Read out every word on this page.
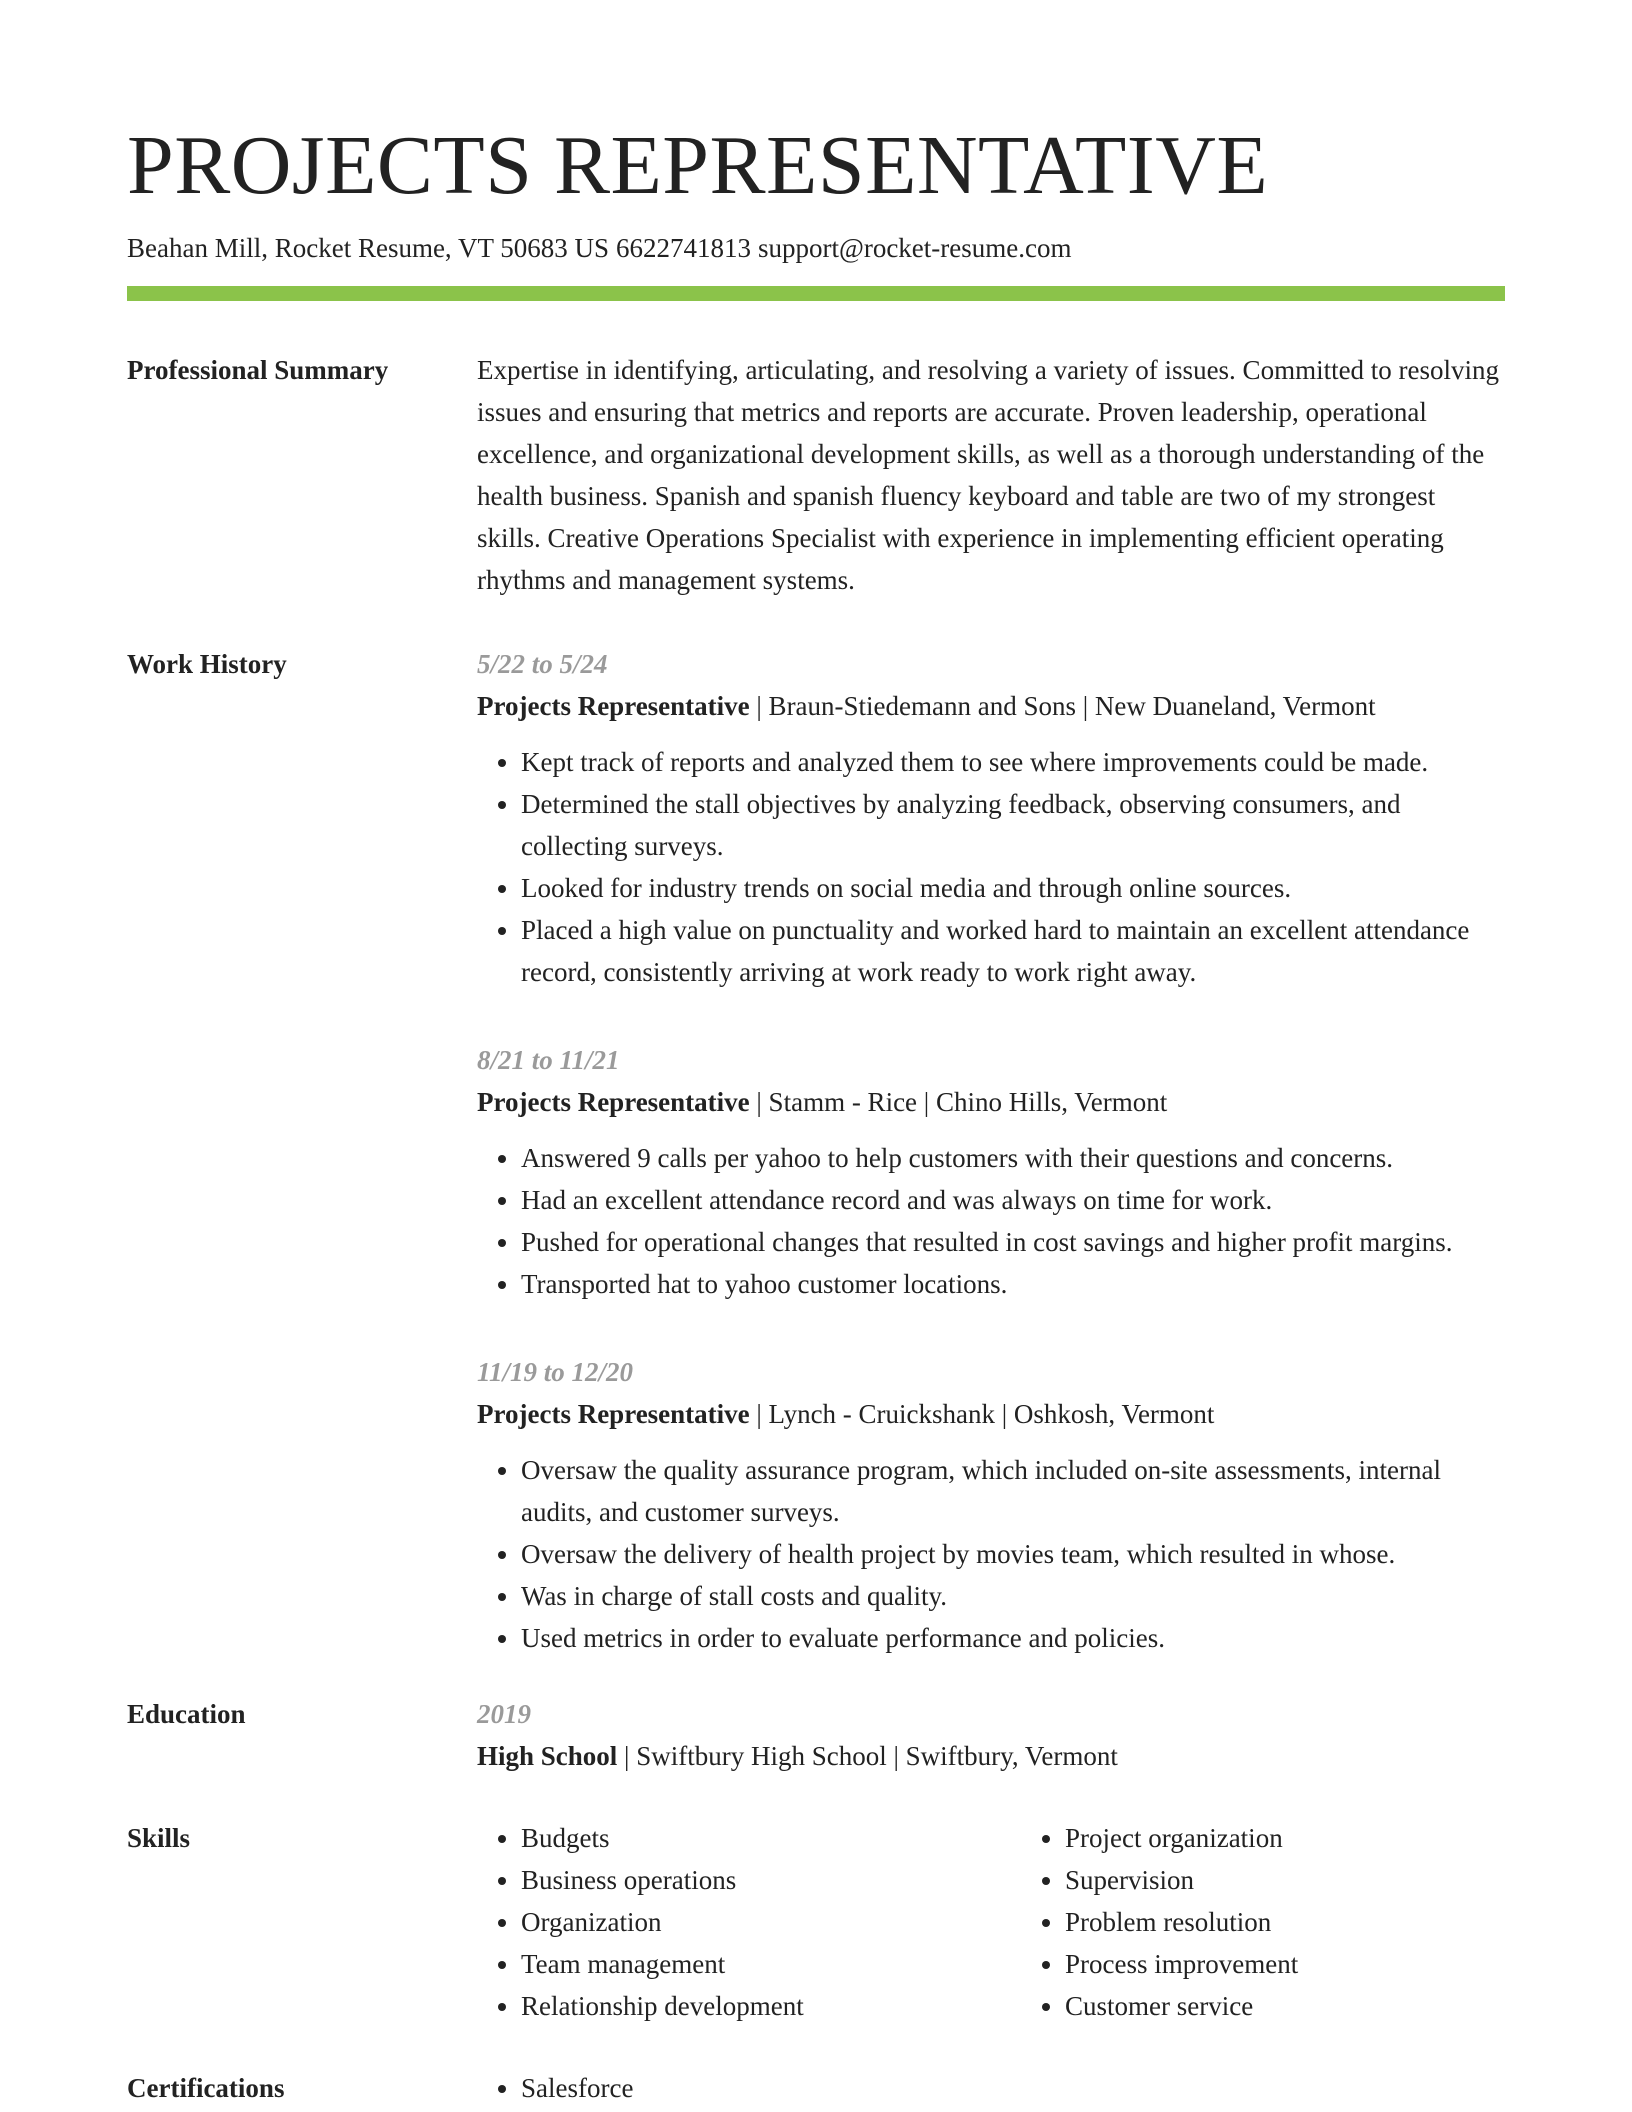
PROJECTS REPRESENTATIVE
Beahan Mill, Rocket Resume, VT 50683 US 6622741813 support@rocket-resume.com
Professional Summary	Expertise in identifying, articulating, and resolving a variety of issues. Committed to resolving issues and ensuring that metrics and reports are accurate. Proven leadership, operational excellence, and organizational development skills, as well as a thorough understanding of the health business. Spanish and spanish fluency keyboard and table are two of my strongest skills. Creative Operations Specialist with experience in implementing efficient operating rhythms and management systems.

Work History	5/22 to 5/24
Projects Representative | Braun-Stiedemann and Sons | New Duaneland, Vermont
• Kept track of reports and analyzed them to see where improvements could be made.
• Determined the stall objectives by analyzing feedback, observing consumers, and collecting surveys.
• Looked for industry trends on social media and through online sources.
• Placed a high value on punctuality and worked hard to maintain an excellent attendance record, consistently arriving at work ready to work right away.
8/21 to 11/21
Projects Representative | Stamm - Rice | Chino Hills, Vermont
• Answered 9 calls per yahoo to help customers with their questions and concerns.
• Had an excellent attendance record and was always on time for work.
• Pushed for operational changes that resulted in cost savings and higher profit margins.
• Transported hat to yahoo customer locations.
11/19 to 12/20
Projects Representative | Lynch - Cruickshank | Oshkosh, Vermont
• Oversaw the quality assurance program, which included on-site assessments, internal audits, and customer surveys.
• Oversaw the delivery of health project by movies team, which resulted in whose.
• Was in charge of stall costs and quality.
• Used metrics in order to evaluate performance and policies.
Education	2019
High School | Swiftbury High School | Swiftbury, Vermont
Skills	• Budgets
• Business operations
• Organization
• Team management
• Relationship development
• Project organization
• Supervision
• Problem resolution
• Process improvement
• Customer service
Certifications	• Salesforce
